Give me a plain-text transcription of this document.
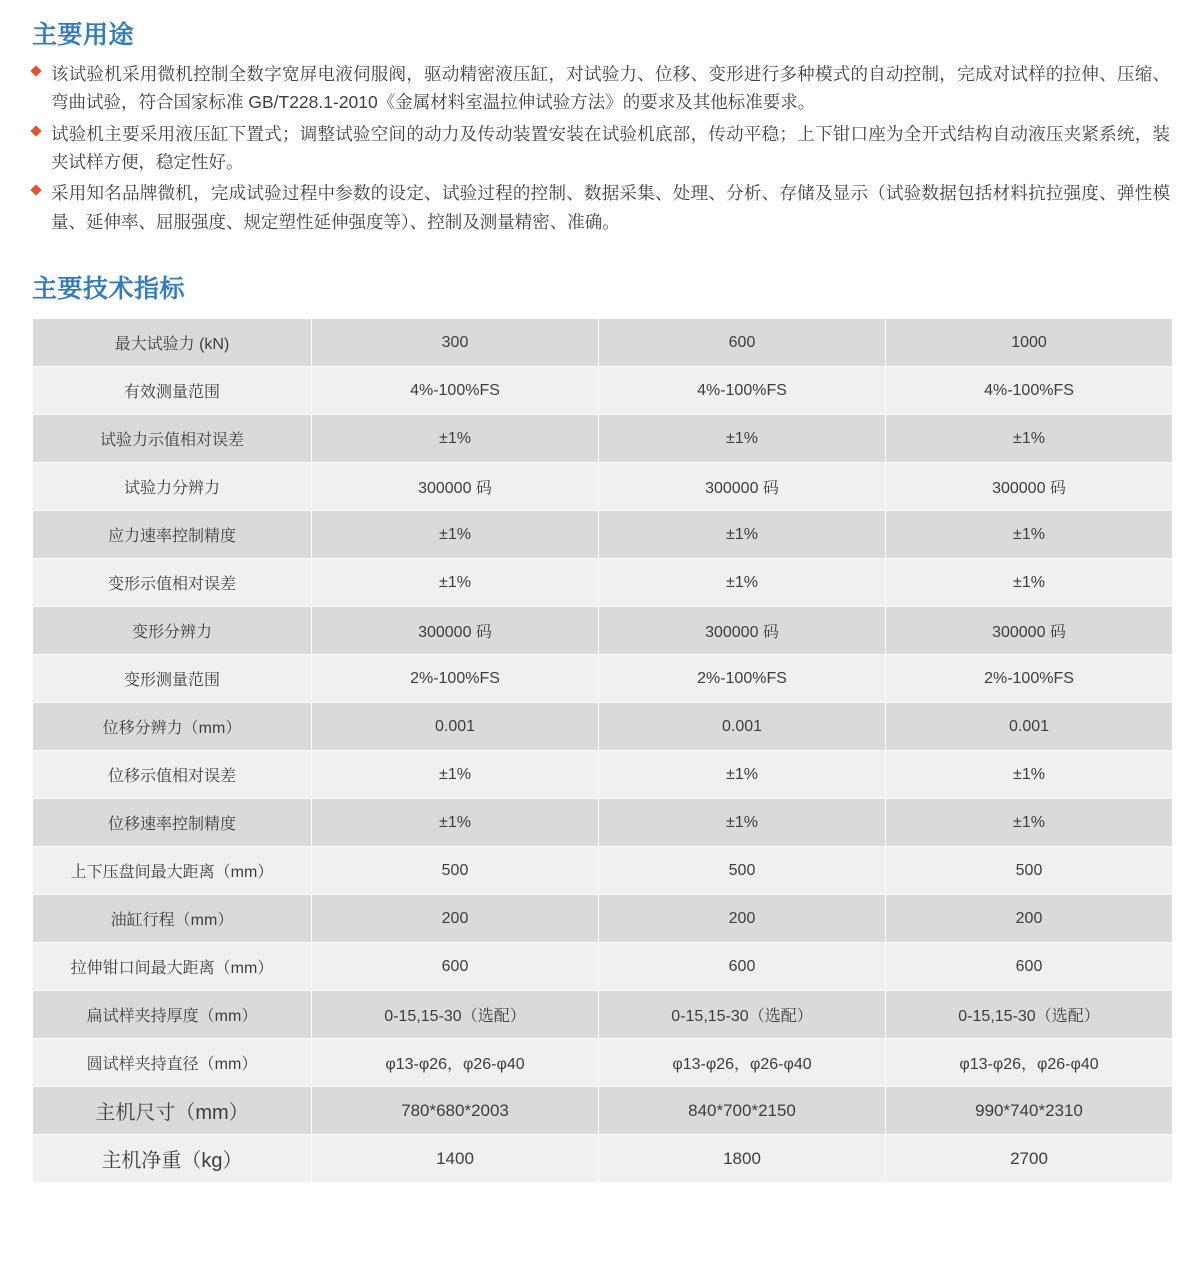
主要用途
该试验机采用微机控制全数字宽屏电液伺服阀，驱动精密液压缸，对试验力、位移、变形进行多种模式的自动控制，完成对试样的拉伸、压缩、弯曲试验，符合国家标准 GB/T228.1-2010《金属材料室温拉伸试验方法》的要求及其他标准要求。
试验机主要采用液压缸下置式；调整试验空间的动力及传动装置安装在试验机底部，传动平稳；上下钳口座为全开式结构自动液压夹紧系统，装夹试样方便，稳定性好。
采用知名品牌微机，完成试验过程中参数的设定、试验过程的控制、数据采集、处理、分析、存储及显示（试验数据包括材料抗拉强度、弹性模量、延伸率、屈服强度、规定塑性延伸强度等）、控制及测量精密、准确。
主要技术指标
最大试验力 (kN)	300	600	1000
有效测量范围	4%-100%FS	4%-100%FS	4%-100%FS
试验力示值相对误差	±1%	±1%	±1%
试验力分辨力	300000 码	300000 码	300000 码
应力速率控制精度	±1%	±1%	±1%
变形示值相对误差	±1%	±1%	±1%
变形分辨力	300000 码	300000 码	300000 码
变形测量范围	2%-100%FS	2%-100%FS	2%-100%FS
位移分辨力（mm）	0.001	0.001	0.001
位移示值相对误差	±1%	±1%	±1%
位移速率控制精度	±1%	±1%	±1%
上下压盘间最大距离（mm）	500	500	500
油缸行程（mm）	200	200	200
拉伸钳口间最大距离（mm）	600	600	600
扁试样夹持厚度（mm）	0-15,15-30（选配）	0-15,15-30（选配）	0-15,15-30（选配）
圆试样夹持直径（mm）	φ13-φ26，φ26-φ40	φ13-φ26，φ26-φ40	φ13-φ26，φ26-φ40
主机尺寸（mm）	780*680*2003	840*700*2150	990*740*2310
主机净重（kg）	1400	1800	2700
